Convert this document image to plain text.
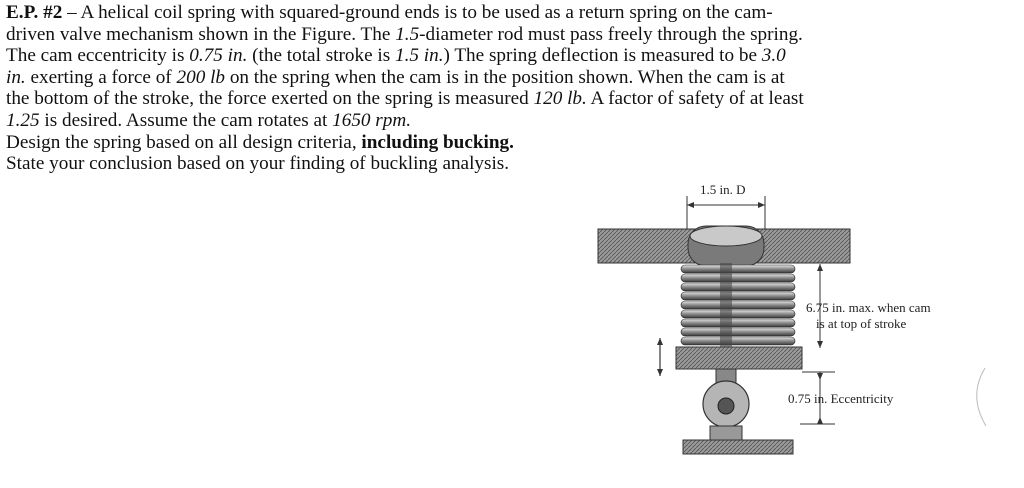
E.P. #2 – A helical coil spring with squared-ground ends is to be used as a return spring on the cam-
driven valve mechanism shown in the Figure. The 1.5-diameter rod must pass freely through the spring.
The cam eccentricity is 0.75 in. (the total stroke is 1.5 in.) The spring deflection is measured to be 3.0
in. exerting a force of 200 lb on the spring when the cam is in the position shown. When the cam is at
the bottom of the stroke, the force exerted on the spring is measured 120 lb. A factor of safety of at least
1.25 is desired. Assume the cam rotates at 1650 rpm.
Design the spring based on all design criteria, including bucking.
State your conclusion based on your finding of buckling analysis.
1.5 in. D
6.75 in. max. when cam
is at top of stroke
0.75 in. Eccentricity
